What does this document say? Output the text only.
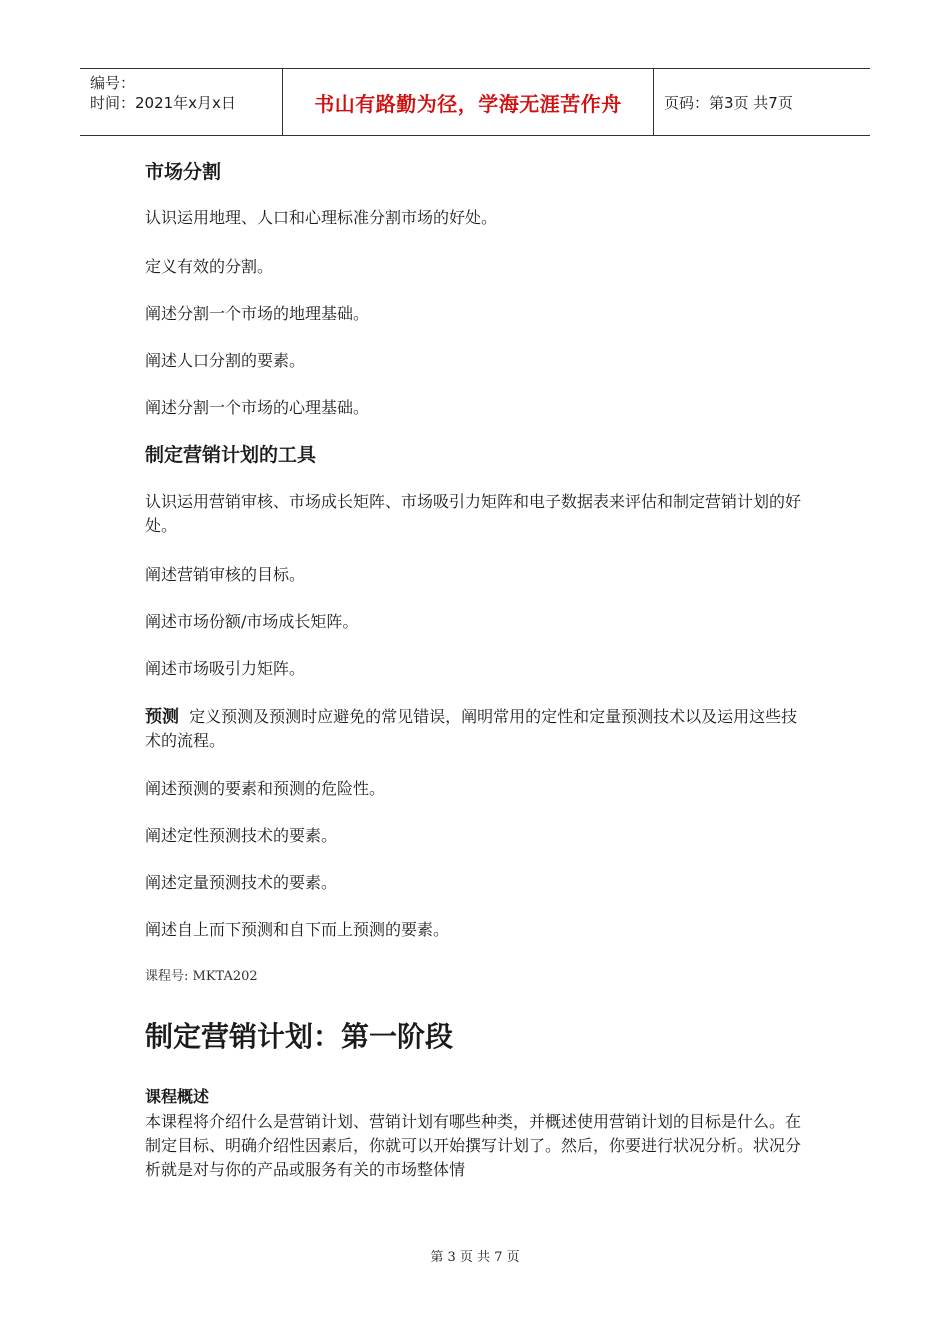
编号：
时间：2021年x月x日	书山有路勤为径，学海无涯苦作舟	页码：第3页 共7页
市场分割
认识运用地理、人口和心理标准分割市场的好处。
定义有效的分割。
阐述分割一个市场的地理基础。
阐述人口分割的要素。
阐述分割一个市场的心理基础。
制定营销计划的工具
认识运用营销审核、市场成长矩阵、市场吸引力矩阵和电子数据表来评估和制定营销计划的好处。
阐述营销审核的目标。
阐述市场份额/市场成长矩阵。
阐述市场吸引力矩阵。
预测 定义预测及预测时应避免的常见错误，阐明常用的定性和定量预测技术以及运用这些技术的流程。
阐述预测的要素和预测的危险性。
阐述定性预测技术的要素。
阐述定量预测技术的要素。
阐述自上而下预测和自下而上预测的要素。
课程号: MKTA202
制定营销计划：第一阶段
课程概述
本课程将介绍什么是营销计划、营销计划有哪些种类，并概述使用营销计划的目标是什么。在制定目标、明确介绍性因素后，你就可以开始撰写计划了。然后，你要进行状况分析。状况分析就是对与你的产品或服务有关的市场整体情
第 3 页 共 7 页
